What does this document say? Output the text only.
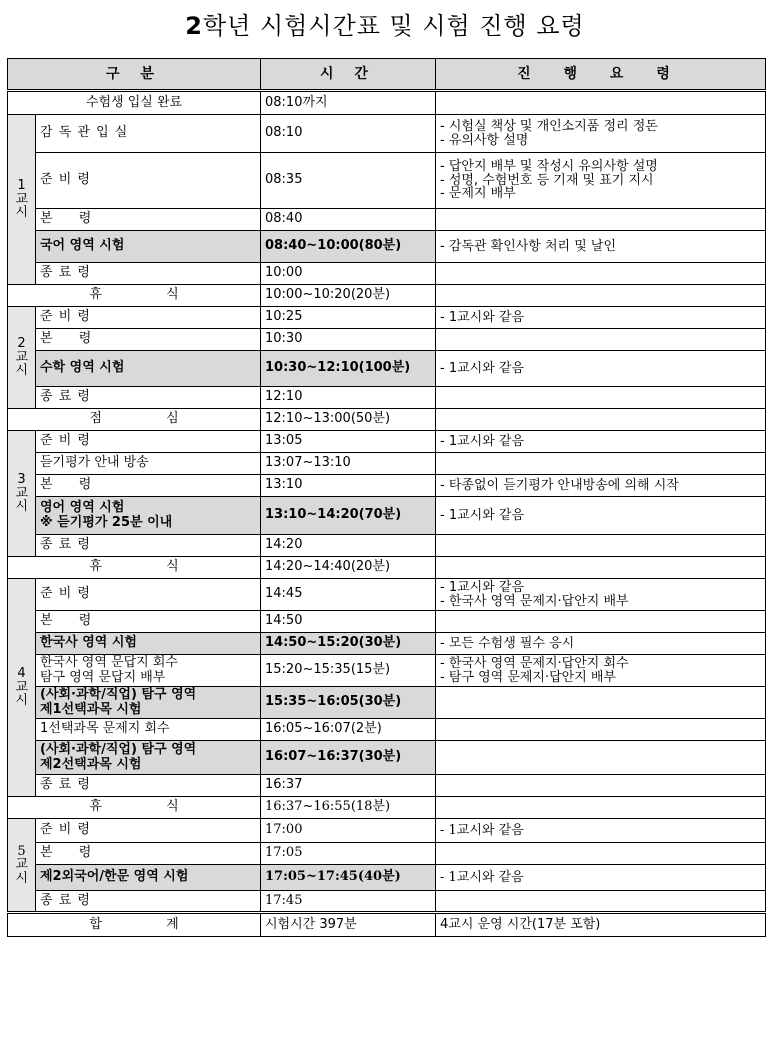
2학년 시험시간표 및 시험 진행 요령
구 분		시 간	진 행 요 령
수험생 입실 완료		08:10까지	
1
교
시	감 독 관 입 실	08:10	- 시험실 책상 및 개인소지품 정리 정돈
- 유의사항 설명
	준 비 령	08:35	- 답안지 배부 및 작성시 유의사항 설명
- 성명, 수험번호 등 기재 및 표기 지시
- 문제지 배부
	본 령	08:40	
	국어 영역 시험	08:40~10:00(80분)	- 감독관 확인사항 처리 및 날인
	종 료 령	10:00	
휴 식		10:00~10:20(20분)	
2
교
시	준 비 령	10:25	- 1교시와 같음
	본 령	10:30	
	수학 영역 시험	10:30~12:10(100분)	- 1교시와 같음
	종 료 령	12:10	
점 심		12:10~13:00(50분)	
3
교
시	준 비 령	13:05	- 1교시와 같음
	듣기평가 안내 방송	13:07~13:10	
	본 령	13:10	- 타종없이 듣기평가 안내방송에 의해 시작
	영어 영역 시험
※ 듣기평가 25분 이내	13:10~14:20(70분)	- 1교시와 같음
	종 료 령	14:20	
휴 식		14:20~14:40(20분)	
4
교
시	준 비 령	14:45	- 1교시와 같음
- 한국사 영역 문제지·답안지 배부
	본 령	14:50	
	한국사 영역 시험	14:50~15:20(30분)	- 모든 수험생 필수 응시
	한국사 영역 문답지 회수
탐구 영역 문답지 배부	15:20~15:35(15분)	- 한국사 영역 문제지·답안지 회수
- 탐구 영역 문제지·답안지 배부
	(사회·과학/직업) 탐구 영역
제1선택과목 시험	15:35~16:05(30분)	
	1선택과목 문제지 회수	16:05~16:07(2분)	
	(사회·과학/직업) 탐구 영역
제2선택과목 시험	16:07~16:37(30분)	
	종 료 령	16:37	
휴 식		16:37~16:55(18분)	
5
교
시	준 비 령	17:00	- 1교시와 같음
	본 령	17:05	
	제2외국어/한문 영역 시험	17:05~17:45(40분)	- 1교시와 같음
	종 료 령	17:45	
합 계		시험시간 397분	4교시 운영 시간(17분 포함)
